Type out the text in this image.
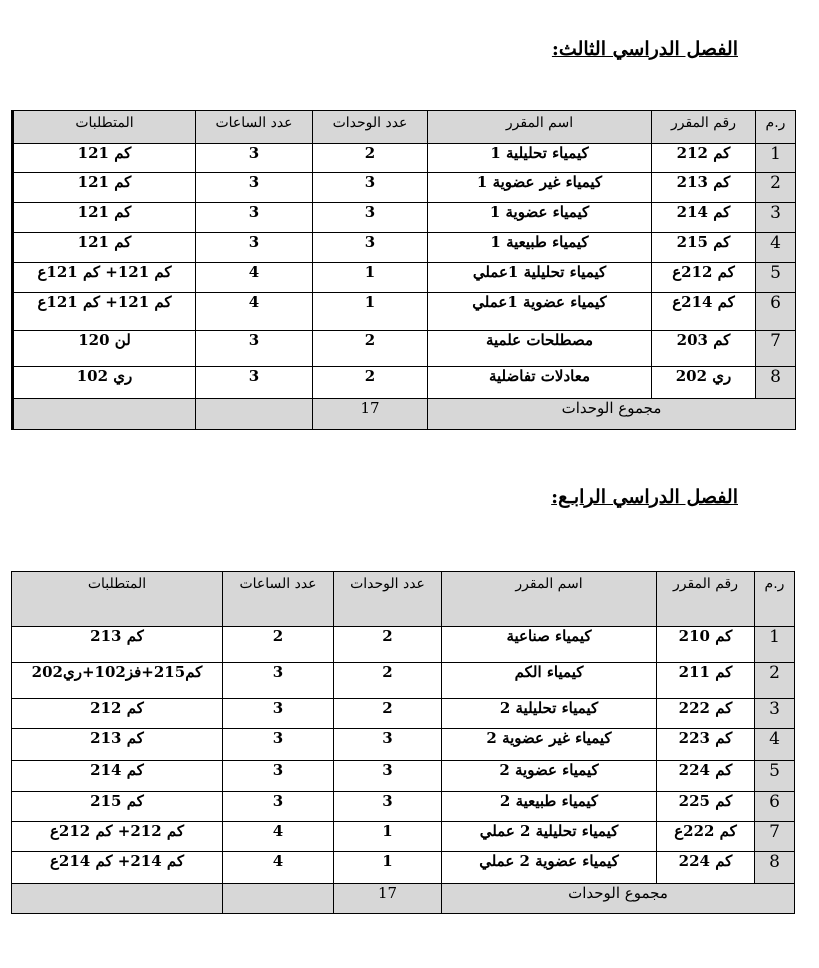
الفصل الدراسي الثالث:
ر.م	رقم المقرر	اسم المقرر	عدد الوحدات	عدد الساعات	المتطلبات
1	كم 212	كيمياء تحليلية 1	2	3	كم 121
2	كم 213	كيمياء غير عضوية 1	3	3	كم 121
3	كم 214	كيمياء عضوية 1	3	3	كم 121
4	كم 215	كيمياء طبيعية 1	3	3	كم 121
5	كم 212ع	كيمياء تحليلية 1عملي	1	4	كم 121+ كم 121ع
6	كم 214ع	كيمياء عضوية 1عملي	1	4	كم 121+ كم 121ع
7	كم 203	مصطلحات علمية	2	3	لن 120
8	ري 202	معادلات تفاضلية	2	3	ري 102
مجموع الوحدات			17		
الفصل الدراسي الرابـع:
ر.م	رقم المقرر	اسم المقرر	عدد الوحدات	عدد الساعات	المتطلبات
1	كم 210	كيمياء صناعية	2	2	كم 213
2	كم 211	كيمياء الكم	2	3	كم215+فز102+ري202
3	كم 222	كيمياء تحليلية 2	2	3	كم 212
4	كم 223	كيمياء غير عضوية 2	3	3	كم 213
5	كم 224	كيمياء عضوية 2	3	3	كم 214
6	كم 225	كيمياء طبيعية 2	3	3	كم 215
7	كم 222ع	كيمياء تحليلية 2 عملي	1	4	كم 212+ كم 212ع
8	كم 224	كيمياء عضوية 2 عملي	1	4	كم 214+ كم 214ع
مجموع الوحدات			17		
